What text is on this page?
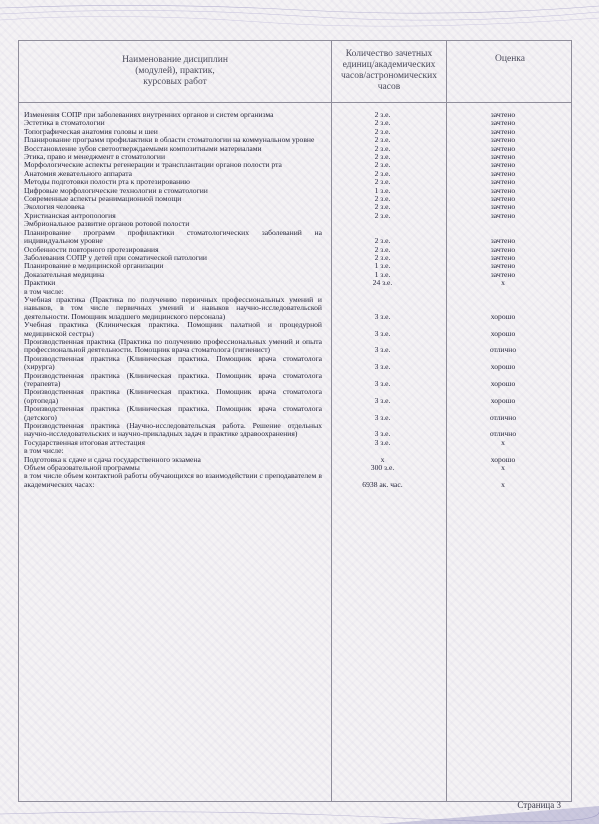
Наименование дисциплин
(модулей), практик,
курсовых работ
Количество зачетных
единиц/академических
часов/астрономических
часов
Оценка
Изменения СОПР при заболеваниях внутренних органов и систем организма	2 з.е.	зачтено
Эстетика в стоматологии	2 з.е.	зачтено
Топографическая анатомия головы и шеи	2 з.е.	зачтено
Планирование программ профилактики в области стоматологии на коммунальном уровне	2 з.е.	зачтено
Восстановление зубов светоотверждаемыми композитными материалами	2 з.е.	зачтено
Этика, право и менеджмент в стоматологии	2 з.е.	зачтено
Морфологические аспекты регенерации и трансплантации органов полости рта	2 з.е.	зачтено
Анатомия жевательного аппарата	2 з.е.	зачтено
Методы подготовки полости рта к протезированию	2 з.е.	зачтено
Цифровые морфологические технологии в стоматологии	1 з.е.	зачтено
Современные аспекты реанимационной помощи	2 з.е.	зачтено
Экология человека	2 з.е.	зачтено
Христианская антропология	2 з.е.	зачтено
Эмбриональное развитие органов ротовой полости
Планирование программ профилактики стоматологических заболеваний на индивидуальном уровне	2 з.е.	зачтено
Особенности повторного протезирования	2 з.е.	зачтено
Заболевания СОПР у детей при соматической патологии	2 з.е.	зачтено
Планирование в медицинской организации	1 з.е.	зачтено
Доказательная медицина	1 з.е.	зачтено
Практики	24 з.е.	х
в том числе:
Учебная практика (Практика по получению первичных профессиональных умений и навыков, в том числе первичных умений и навыков научно-исследовательской деятельности. Помощник младшего медицинского персонала)	3 з.е.	хорошо
Учебная практика (Клиническая практика. Помощник палатной и процедурной медицинской сестры)	3 з.е.	хорошо
Производственная практика (Практика по получению профессиональных умений и опыта профессиональной деятельности. Помощник врача стоматолога (гигиенист)	3 з.е.	отлично
Производственная практика (Клиническая практика. Помощник врача стоматолога (хирурга)	3 з.е.	хорошо
Производственная практика (Клиническая практика. Помощник врача стоматолога (терапевта)	3 з.е.	хорошо
Производственная практика (Клиническая практика. Помощник врача стоматолога (ортопеда)	3 з.е.	хорошо
Производственная практика (Клиническая практика. Помощник врача стоматолога (детского)	3 з.е.	отлично
Производственная практика (Научно-исследовательская работа. Решение отдельных научно-исследовательских и научно-прикладных задач в практике здравоохранения)	3 з.е.	отлично
Государственная итоговая аттестация	3 з.е.	х
в том числе:
Подготовка к сдаче и сдача государственного экзамена	х	хорошо
Объем образовательной программы	300 з.е.	х
в том числе объем контактной работы обучающихся во взаимодействии с преподавателем в академических часах:	6938 ак. час.	х
Страница 3
